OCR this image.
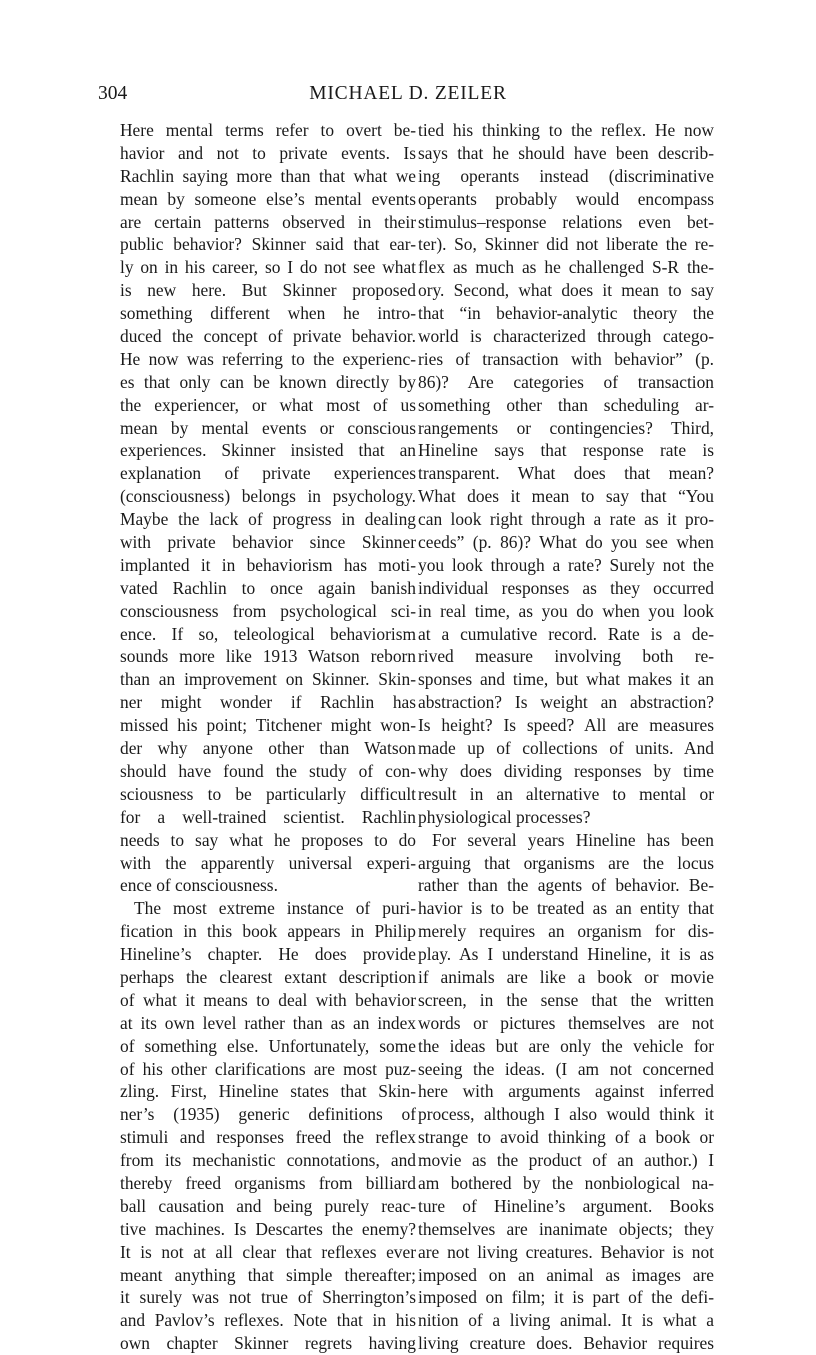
304	MICHAEL D. ZEILER
Here mental terms refer to overt be-
havior and not to private events. Is
Rachlin saying more than that what we
mean by someone else’s mental events
are certain patterns observed in their
public behavior? Skinner said that ear-
ly on in his career, so I do not see what
is new here. But Skinner proposed
something different when he intro-
duced the concept of private behavior.
He now was referring to the experienc-
es that only can be known directly by
the experiencer, or what most of us
mean by mental events or conscious
experiences. Skinner insisted that an
explanation of private experiences
(consciousness) belongs in psychology.
Maybe the lack of progress in dealing
with private behavior since Skinner
implanted it in behaviorism has moti-
vated Rachlin to once again banish
consciousness from psychological sci-
ence. If so, teleological behaviorism
sounds more like 1913 Watson reborn
than an improvement on Skinner. Skin-
ner might wonder if Rachlin has
missed his point; Titchener might won-
der why anyone other than Watson
should have found the study of con-
sciousness to be particularly difficult
for a well-trained scientist. Rachlin
needs to say what he proposes to do
with the apparently universal experi-
ence of consciousness.
The most extreme instance of puri-
fication in this book appears in Philip
Hineline’s chapter. He does provide
perhaps the clearest extant description
of what it means to deal with behavior
at its own level rather than as an index
of something else. Unfortunately, some
of his other clarifications are most puz-
zling. First, Hineline states that Skin-
ner’s (1935) generic definitions of
stimuli and responses freed the reflex
from its mechanistic connotations, and
thereby freed organisms from billiard
ball causation and being purely reac-
tive machines. Is Descartes the enemy?
It is not at all clear that reflexes ever
meant anything that simple thereafter;
it surely was not true of Sherrington’s
and Pavlov’s reflexes. Note that in his
own chapter Skinner regrets having
tied his thinking to the reflex. He now
says that he should have been describ-
ing operants instead (discriminative
operants probably would encompass
stimulus–response relations even bet-
ter). So, Skinner did not liberate the re-
flex as much as he challenged S-R the-
ory. Second, what does it mean to say
that “in behavior-analytic theory the
world is characterized through catego-
ries of transaction with behavior” (p.
86)? Are categories of transaction
something other than scheduling ar-
rangements or contingencies? Third,
Hineline says that response rate is
transparent. What does that mean?
What does it mean to say that “You
can look right through a rate as it pro-
ceeds” (p. 86)? What do you see when
you look through a rate? Surely not the
individual responses as they occurred
in real time, as you do when you look
at a cumulative record. Rate is a de-
rived measure involving both re-
sponses and time, but what makes it an
abstraction? Is weight an abstraction?
Is height? Is speed? All are measures
made up of collections of units. And
why does dividing responses by time
result in an alternative to mental or
physiological processes?
For several years Hineline has been
arguing that organisms are the locus
rather than the agents of behavior. Be-
havior is to be treated as an entity that
merely requires an organism for dis-
play. As I understand Hineline, it is as
if animals are like a book or movie
screen, in the sense that the written
words or pictures themselves are not
the ideas but are only the vehicle for
seeing the ideas. (I am not concerned
here with arguments against inferred
process, although I also would think it
strange to avoid thinking of a book or
movie as the product of an author.) I
am bothered by the nonbiological na-
ture of Hineline’s argument. Books
themselves are inanimate objects; they
are not living creatures. Behavior is not
imposed on an animal as images are
imposed on film; it is part of the defi-
nition of a living animal. It is what a
living creature does. Behavior requires
